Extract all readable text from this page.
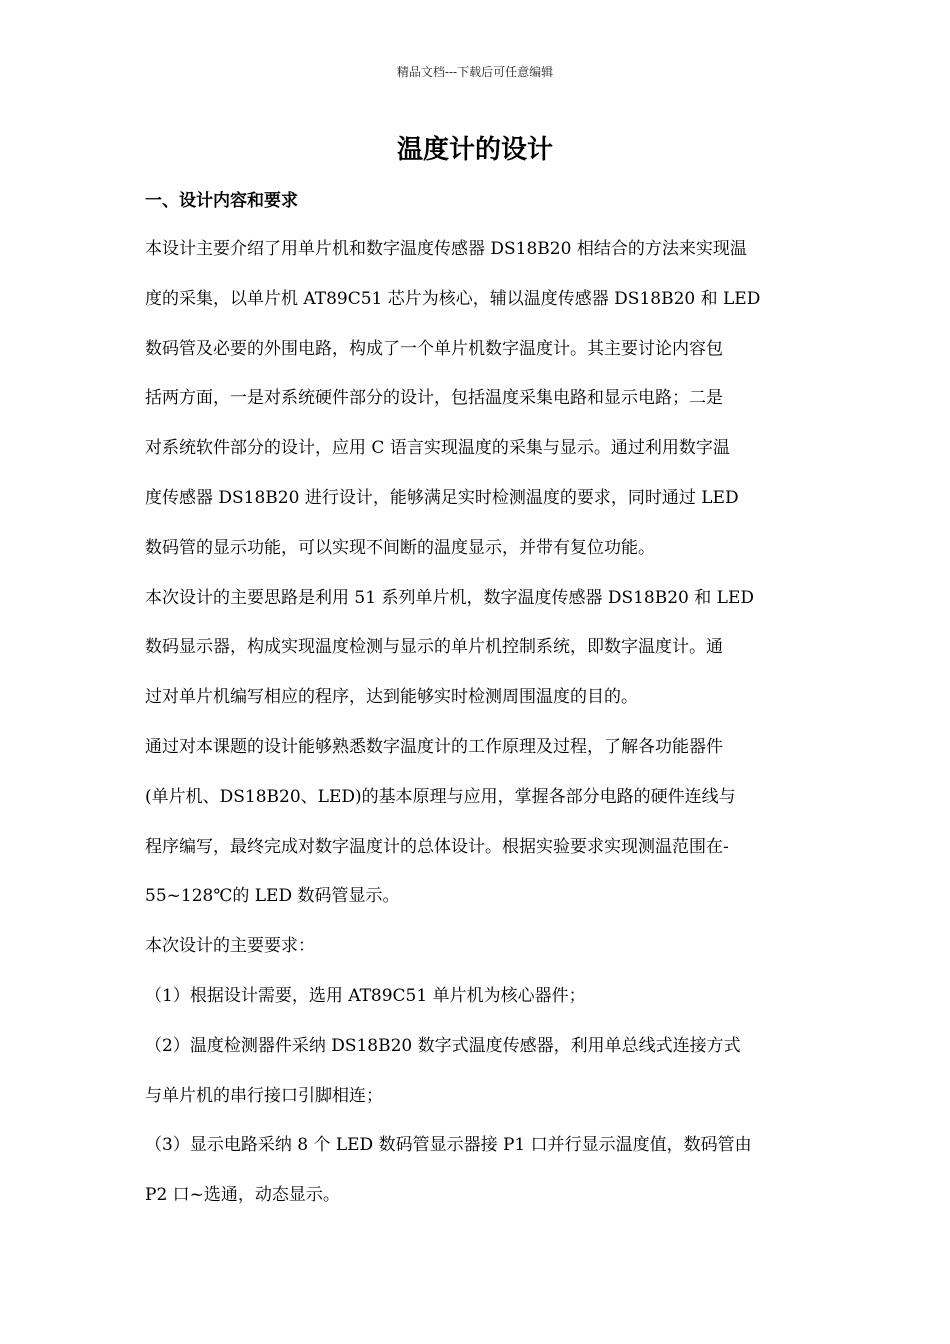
精品文档---下载后可任意编辑
温度计的设计

一、设计内容和要求

本设计主要介绍了用单片机和数字温度传感器 DS18B20 相结合的方法来实现温

度的采集，以单片机 AT89C51 芯片为核心，辅以温度传感器 DS18B20 和 LED

数码管及必要的外围电路，构成了一个单片机数字温度计。其主要讨论内容包

括两方面，一是对系统硬件部分的设计，包括温度采集电路和显示电路；二是

对系统软件部分的设计，应用 C 语言实现温度的采集与显示。通过利用数字温

度传感器 DS18B20 进行设计，能够满足实时检测温度的要求，同时通过 LED

数码管的显示功能，可以实现不间断的温度显示，并带有复位功能。

本次设计的主要思路是利用 51 系列单片机，数字温度传感器 DS18B20 和 LED

数码显示器，构成实现温度检测与显示的单片机控制系统，即数字温度计。通

过对单片机编写相应的程序，达到能够实时检测周围温度的目的。

通过对本课题的设计能够熟悉数字温度计的工作原理及过程，了解各功能器件

(单片机、DS18B20、LED)的基本原理与应用，掌握各部分电路的硬件连线与

程序编写，最终完成对数字温度计的总体设计。根据实验要求实现测温范围在-

55~128℃的 LED 数码管显示。

本次设计的主要要求：

（1）根据设计需要，选用 AT89C51 单片机为核心器件；

（2）温度检测器件采纳 DS18B20 数字式温度传感器，利用单总线式连接方式

与单片机的串行接口引脚相连；

（3）显示电路采纳 8 个 LED 数码管显示器接 P1 口并行显示温度值，数码管由

P2 口~选通，动态显示。
